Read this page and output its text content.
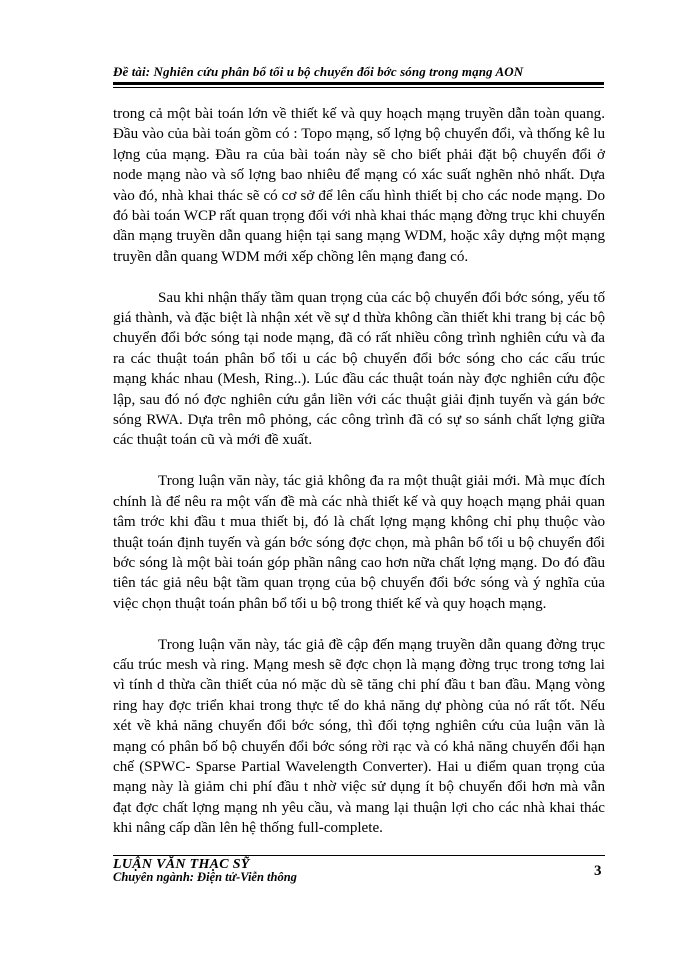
Đề tài: Nghiên cứu phân bổ tối u bộ chuyển đổi bớc sóng trong mạng AON

trong cả một bài toán lớn về thiết kế và quy hoạch mạng truyền dẫn toàn quang. Đầu vào của bài toán gồm có : Topo mạng, số lợng bộ chuyển đổi, và thống kê lu lợng của mạng. Đầu ra của bài toán này sẽ cho biết phải đặt bộ chuyển đổi ở node mạng nào và số lợng bao nhiêu để mạng có xác suất nghẽn nhỏ nhất. Dựa vào đó, nhà khai thác sẽ có cơ sở để lên cấu hình thiết bị cho các node mạng. Do đó bài toán WCP rất quan trọng đối với nhà khai thác mạng đờng trục khi chuyển dần mạng truyền dẫn quang hiện tại sang mạng WDM, hoặc xây dựng một mạng truyền dẫn quang WDM mới xếp chồng lên mạng đang có.

Sau khi nhận thấy tầm quan trọng của các bộ chuyển đổi bớc sóng, yếu tố giá thành, và đặc biệt là nhận xét về sự d thừa không cần thiết khi trang bị các bộ chuyển đổi bớc sóng tại node mạng, đã có rất nhiều công trình nghiên cứu và đa ra các thuật toán phân bổ tối u các bộ chuyển đổi bớc sóng cho các cấu trúc mạng khác nhau (Mesh, Ring..). Lúc đầu các thuật toán này đợc nghiên cứu độc lập, sau đó nó đợc nghiên cứu gắn liền với các thuật giải định tuyến và gán bớc sóng RWA. Dựa trên mô phỏng, các công trình đã có sự so sánh chất lợng giữa các thuật toán cũ và mới đề xuất.

Trong luận văn này, tác giả không đa ra một thuật giải mới. Mà mục đích chính là để nêu ra một vấn đề mà các nhà thiết kế và quy hoạch mạng phải quan tâm trớc khi đầu t mua thiết bị, đó là chất lợng mạng không chỉ phụ thuộc vào thuật toán định tuyến và gán bớc sóng đợc chọn, mà phân bổ tối u bộ chuyển đổi bớc sóng là một bài toán góp phần nâng cao hơn nữa chất lợng mạng. Do đó đầu tiên tác giả nêu bật tầm quan trọng của bộ chuyển đổi bớc sóng và ý nghĩa của việc chọn thuật toán phân bổ tối u bộ trong thiết kế và quy hoạch mạng.

Trong luận văn này, tác giả đề cập đến mạng truyền dẫn quang đờng trục cấu trúc mesh và ring. Mạng mesh sẽ đợc chọn là mạng đờng trục trong tơng lai vì tính d thừa cần thiết của nó mặc dù sẽ tăng chi phí đầu t ban đầu. Mạng vòng ring hay đợc triển khai trong thực tế do khả năng dự phòng của nó rất tốt. Nếu xét về khả năng chuyển đổi bớc sóng, thì đối tợng nghiên cứu của luận văn là mạng có phân bố bộ chuyển đổi bớc sóng rời rạc và có khả năng chuyển đổi hạn chế (SPWC- Sparse Partial Wavelength Converter). Hai u điểm quan trọng của mạng này là giảm chi phí đầu t nhờ việc sử dụng ít bộ chuyển đổi hơn mà vẫn đạt đợc chất lợng mạng nh yêu cầu, và mang lại thuận lợi cho các nhà khai thác khi nâng cấp dần lên hệ thống full-complete.

LUẬN VĂN THẠC SỸ
Chuyên ngành: Điện tử-Viễn thông	3
